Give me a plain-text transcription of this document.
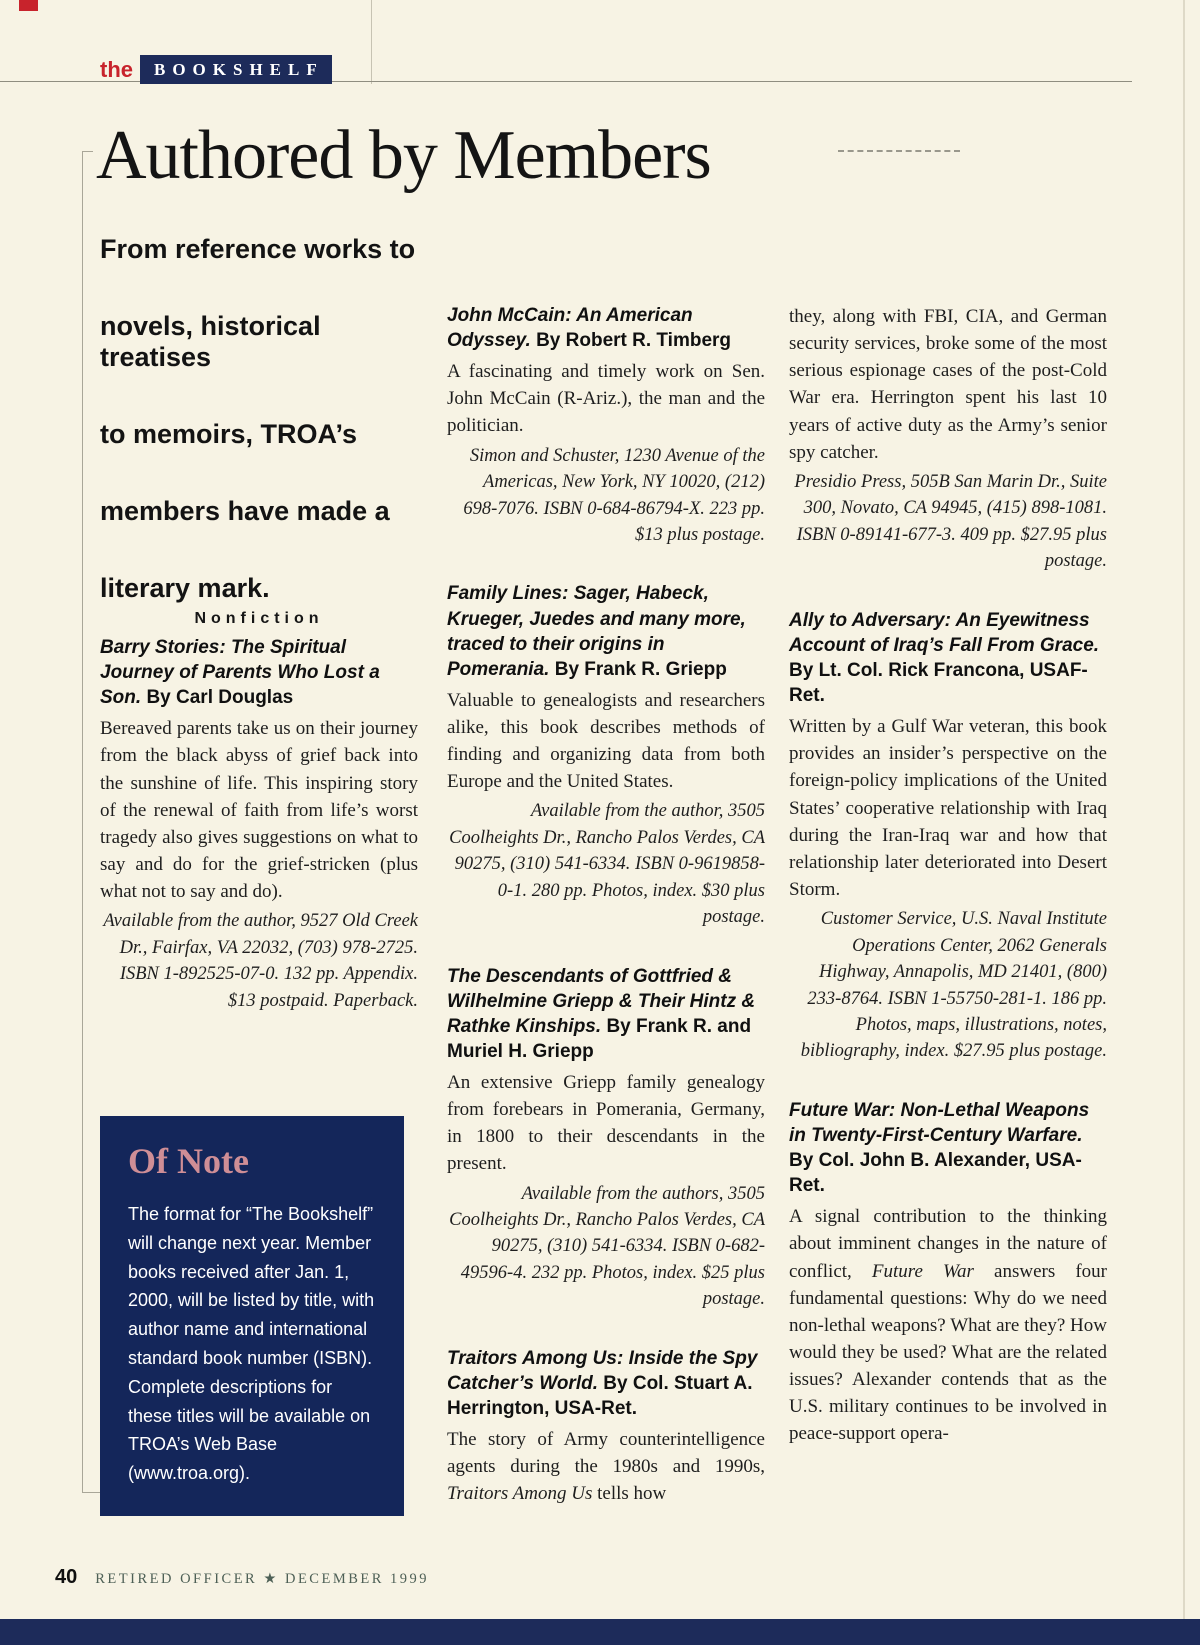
the	BOOKSHELF
Authored by Members
From reference works to
novels, historical treatises
to memoirs, TROA’s
members have made a
literary mark.
Nonfiction
Barry Stories: The Spiritual Journey of Parents Who Lost a Son. By Carl Douglas

Bereaved parents take us on their journey from the black abyss of grief back into the sunshine of life. This inspiring story of the renewal of faith from life’s worst tragedy also gives suggestions on what to say and do for the grief-stricken (plus what not to say and do).

Available from the author, 9527 Old Creek Dr., Fairfax, VA 22032, (703) 978-2725. ISBN 1-892525-07-0. 132 pp. Appendix. $13 postpaid. Paperback.

Of Note

The format for “The Bookshelf” will change next year. Member books received after Jan. 1, 2000, will be listed by title, with author name and international standard book number (ISBN). Complete descriptions for these titles will be available on TROA’s Web Base (www.troa.org).

John McCain: An American Odyssey. By Robert R. Timberg

A fascinating and timely work on Sen. John McCain (R-Ariz.), the man and the politician.

Simon and Schuster, 1230 Avenue of the Americas, New York, NY 10020, (212) 698-7076. ISBN 0-684-86794-X. 223 pp. $13 plus postage.

Family Lines: Sager, Habeck, Krueger, Juedes and many more, traced to their origins in Pomerania. By Frank R. Griepp

Valuable to genealogists and researchers alike, this book describes methods of finding and organizing data from both Europe and the United States.

Available from the author, 3505 Coolheights Dr., Rancho Palos Verdes, CA 90275, (310) 541-6334. ISBN 0-9619858-0-1. 280 pp. Photos, index. $30 plus postage.

The Descendants of Gottfried & Wilhelmine Griepp & Their Hintz & Rathke Kinships. By Frank R. and Muriel H. Griepp

An extensive Griepp family genealogy from forebears in Pomerania, Germany, in 1800 to their descendants in the present.

Available from the authors, 3505 Coolheights Dr., Rancho Palos Verdes, CA 90275, (310) 541-6334. ISBN 0-682-49596-4. 232 pp. Photos, index. $25 plus postage.

Traitors Among Us: Inside the Spy Catcher’s World. By Col. Stuart A. Herrington, USA-Ret.

The story of Army counterintelligence agents during the 1980s and 1990s, Traitors Among Us tells how

they, along with FBI, CIA, and German security services, broke some of the most serious espionage cases of the post-Cold War era. Herrington spent his last 10 years of active duty as the Army’s senior spy catcher.

Presidio Press, 505B San Marin Dr., Suite 300, Novato, CA 94945, (415) 898-1081. ISBN 0-89141-677-3. 409 pp. $27.95 plus postage.

Ally to Adversary: An Eyewitness Account of Iraq’s Fall From Grace. By Lt. Col. Rick Francona, USAF-Ret.

Written by a Gulf War veteran, this book provides an insider’s perspective on the foreign-policy implications of the United States’ cooperative relationship with Iraq during the Iran-Iraq war and how that relationship later deteriorated into Desert Storm.

Customer Service, U.S. Naval Institute Operations Center, 2062 Generals Highway, Annapolis, MD 21401, (800) 233-8764. ISBN 1-55750-281-1. 186 pp. Photos, maps, illustrations, notes, bibliography, index. $27.95 plus postage.

Future War: Non-Lethal Weapons in Twenty-First-Century Warfare. By Col. John B. Alexander, USA-Ret.

A signal contribution to the thinking about imminent changes in the nature of conflict, Future War answers four fundamental questions: Why do we need non-lethal weapons? What are they? How would they be used? What are the related issues? Alexander contends that as the U.S. military continues to be involved in peace-support opera-

40 RETIRED OFFICER ★ DECEMBER 1999
